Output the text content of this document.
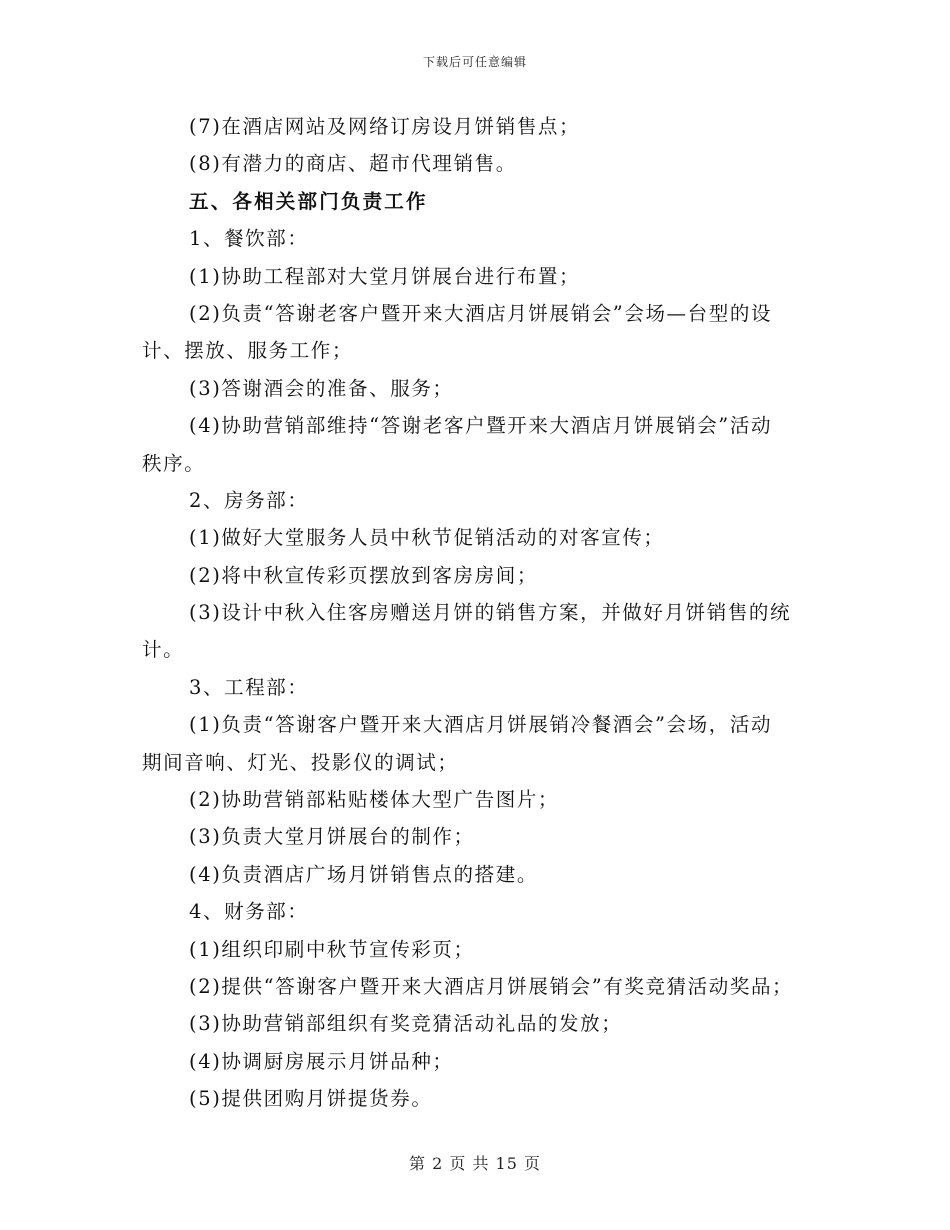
下载后可任意编辑
(7)在酒店网站及网络订房设月饼销售点；
(8)有潜力的商店、超市代理销售。
五、各相关部门负责工作
1、餐饮部：
(1)协助工程部对大堂月饼展台进行布置；
(2)负责“答谢老客户暨开来大酒店月饼展销会”会场—台型的设
计、摆放、服务工作；
(3)答谢酒会的准备、服务；
(4)协助营销部维持“答谢老客户暨开来大酒店月饼展销会”活动
秩序。
2、房务部：
(1)做好大堂服务人员中秋节促销活动的对客宣传；
(2)将中秋宣传彩页摆放到客房房间；
(3)设计中秋入住客房赠送月饼的销售方案，并做好月饼销售的统
计。
3、工程部：
(1)负责“答谢客户暨开来大酒店月饼展销冷餐酒会”会场，活动
期间音响、灯光、投影仪的调试；
(2)协助营销部粘贴楼体大型广告图片；
(3)负责大堂月饼展台的制作；
(4)负责酒店广场月饼销售点的搭建。
4、财务部：
(1)组织印刷中秋节宣传彩页；
(2)提供“答谢客户暨开来大酒店月饼展销会”有奖竞猜活动奖品；
(3)协助营销部组织有奖竞猜活动礼品的发放；
(4)协调厨房展示月饼品种；
(5)提供团购月饼提货券。
第 2 页 共 15 页
